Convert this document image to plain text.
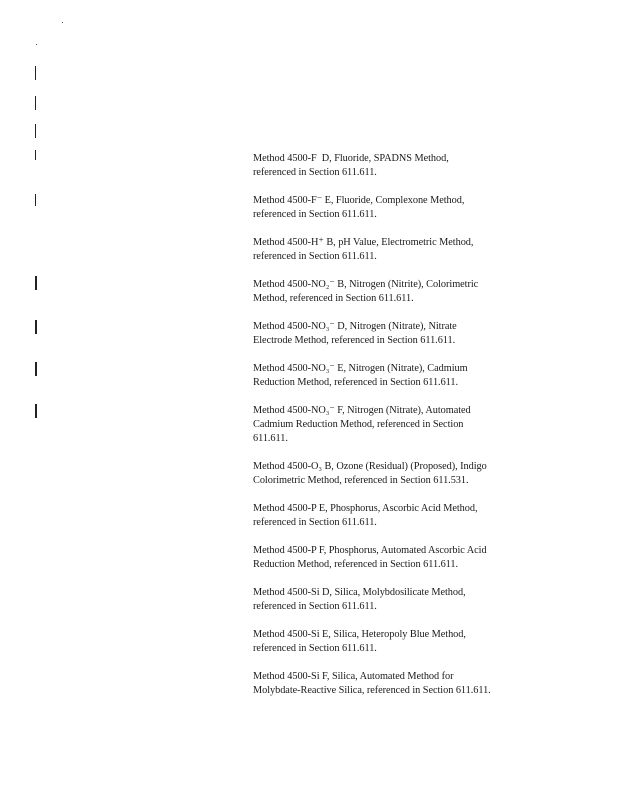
Method 4500-F  D, Fluoride, SPADNS Method,
referenced in Section 611.611.
Method 4500-F⁻ E, Fluoride, Complexone Method,
referenced in Section 611.611.
Method 4500-H⁺ B, pH Value, Electrometric Method,
referenced in Section 611.611.
Method 4500-NO₂⁻ B, Nitrogen (Nitrite), Colorimetric
Method, referenced in Section 611.611.
Method 4500-NO₃⁻ D, Nitrogen (Nitrate), Nitrate
Electrode Method, referenced in Section 611.611.
Method 4500-NO₃⁻ E, Nitrogen (Nitrate), Cadmium
Reduction Method, referenced in Section 611.611.
Method 4500-NO₃⁻ F, Nitrogen (Nitrate), Automated
Cadmium Reduction Method, referenced in Section
611.611.
Method 4500-O₃ B, Ozone (Residual) (Proposed), Indigo
Colorimetric Method, referenced in Section 611.531.
Method 4500-P E, Phosphorus, Ascorbic Acid Method,
referenced in Section 611.611.
Method 4500-P F, Phosphorus, Automated Ascorbic Acid
Reduction Method, referenced in Section 611.611.
Method 4500-Si D, Silica, Molybdosilicate Method,
referenced in Section 611.611.
Method 4500-Si E, Silica, Heteropoly Blue Method,
referenced in Section 611.611.
Method 4500-Si F, Silica, Automated Method for
Molybdate-Reactive Silica, referenced in Section 611.611.
